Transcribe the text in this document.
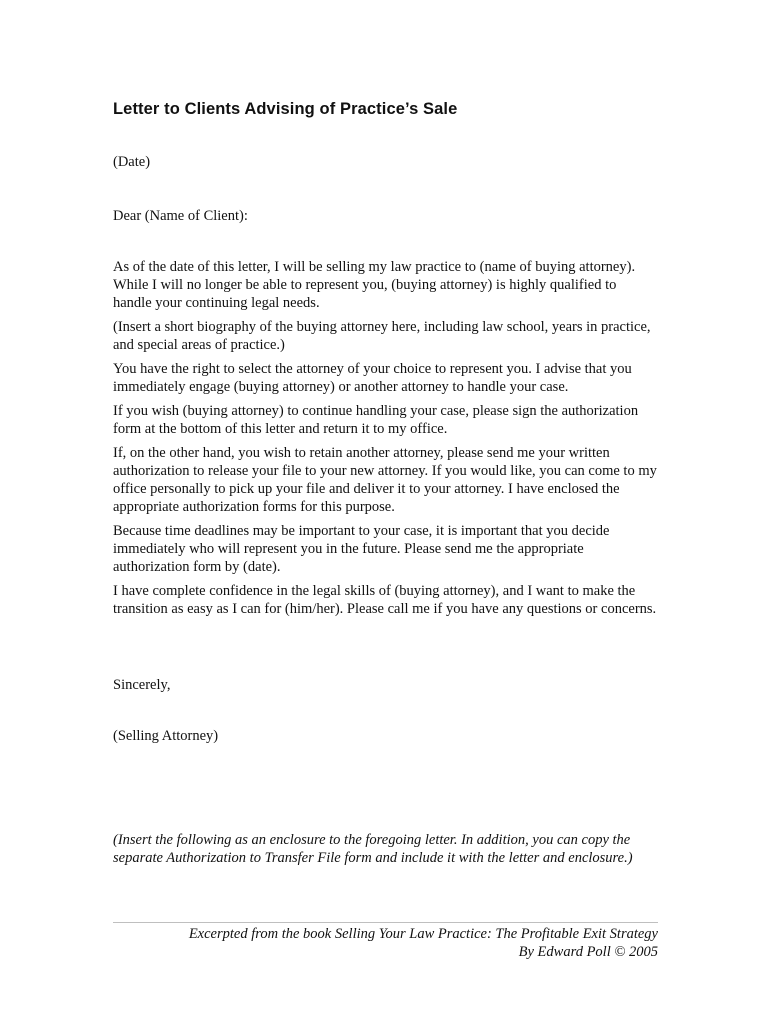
Letter to Clients Advising of Practice’s Sale
(Date)
Dear (Name of Client):

As of the date of this letter, I will be selling my law practice to (name of buying attorney). While I will no longer be able to represent you, (buying attorney) is highly qualified to handle your continuing legal needs.

(Insert a short biography of the buying attorney here, including law school, years in practice, and special areas of practice.)

You have the right to select the attorney of your choice to represent you. I advise that you immediately engage (buying attorney) or another attorney to handle your case.

If you wish (buying attorney) to continue handling your case, please sign the authorization form at the bottom of this letter and return it to my office.

If, on the other hand, you wish to retain another attorney, please send me your written authorization to release your file to your new attorney. If you would like, you can come to my office personally to pick up your file and deliver it to your attorney. I have enclosed the appropriate authorization forms for this purpose.

Because time deadlines may be important to your case, it is important that you decide immediately who will represent you in the future. Please send me the appropriate authorization form by (date).

I have complete confidence in the legal skills of (buying attorney), and I want to make the transition as easy as I can for (him/her). Please call me if you have any questions or concerns.

Sincerely,
(Selling Attorney)
(Insert the following as an enclosure to the foregoing letter. In addition, you can copy the separate Authorization to Transfer File form and include it with the letter and enclosure.)
Excerpted from the book Selling Your Law Practice: The Profitable Exit Strategy
By Edward Poll © 2005
